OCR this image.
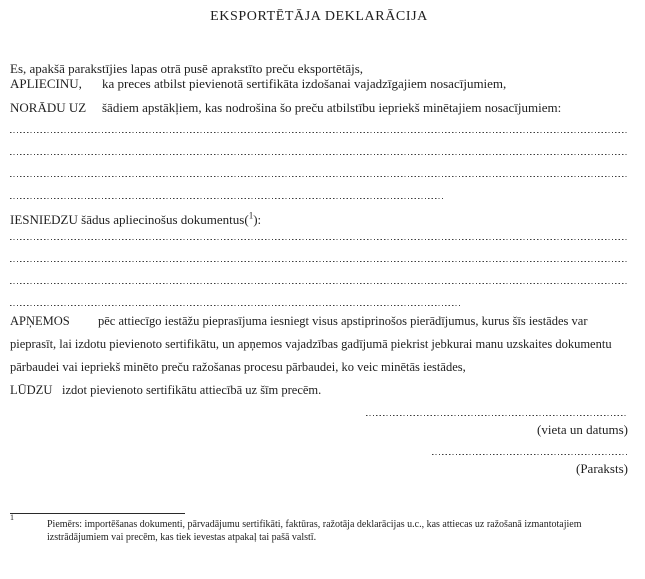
EKSPORTĒTĀJA DEKLARĀCIJA

Es, apakšā parakstījies lapas otrā pusē aprakstīto preču eksportētājs,

APLIECINU, ka preces atbilst pievienotā sertifikāta izdošanai vajadzīgajiem nosacījumiem,

NORĀDU UZ šādiem apstākļiem, kas nodrošina šo preču atbilstību iepriekš minētajiem nosacījumiem:

IESNIEDZU šādus apliecinošus dokumentus($^1$):

APŅEMOS pēc attiecīgo iestāžu pieprasījuma iesniegt visus apstiprinošos pierādījumus, kurus šīs iestādes var pieprasīt, lai izdotu pievienoto sertifikātu, un apņemos vajadzības gadījumā piekrist jebkurai manu uzskaites dokumentu pārbaudei vai iepriekš minēto preču ražošanas procesu pārbaudei, ko veic minētās iestādes,

LŪDZU izdot pievienoto sertifikātu attiecībā uz šīm precēm.

(vieta un datums)

(Paraksts)

1

Piemērs: importēšanas dokumenti, pārvadājumu sertifikāti, faktūras, ražotāja deklarācijas u.c., kas attiecas uz ražošanā izmantotajiem izstrādājumiem vai precēm, kas tiek ievestas atpakaļ tai pašā valstī.
